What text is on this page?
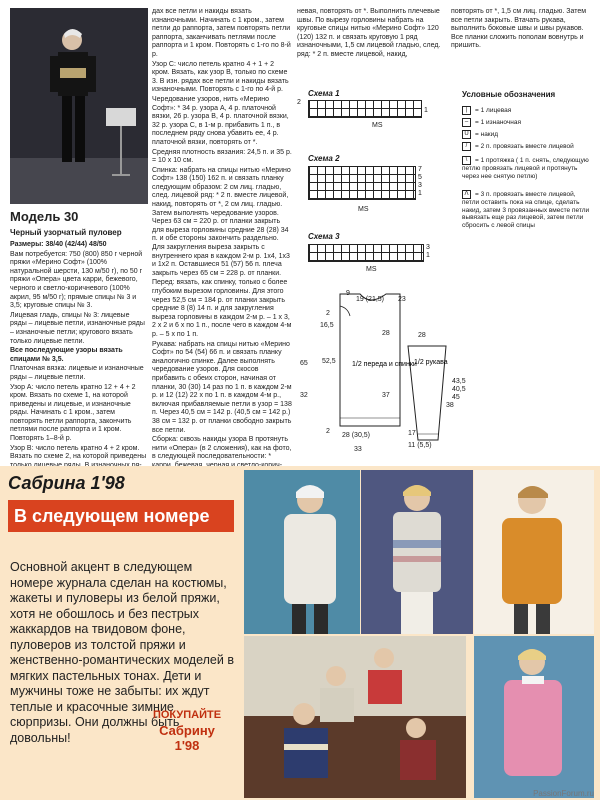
Модель 30
Черный узорчатый пуловер

Размеры: 38/40 (42/44) 48/50

Вам потребуется: 750 (800) 850 г черной пряжи «Мерино Софт» (100% натуральной шерсти, 130 м/50 г), по 50 г пряжи «Опера» цвета карри, бежевого, черного и светло-коричневого (100% акрил, 95 м/50 г); прямые спицы № 3 и 3,5; круговые спицы № 3.

Лицевая гладь, спицы № 3: лицевые ряды – лицевые петли, изнаночные ряды – изнаночные петли; кругового вязать только лицевые петли.

Все последующие узоры вязать спицами № 3,5.

Платочная вязка: лицевые и изнаночные ряды – лицевые петли.

Узор А: число петель кратно 12 + 4 + 2 кром. Вязать по схеме 1, на которой приведены и лицевые, и изнаночные ряды. Начинать с 1 кром., затем повторять петли раппорта, закончить петлями после раппорта и 1 кром. Повторять 1–8-й р.

Узор В: число петель кратно 4 + 2 кром. Вязать по схеме 2, на которой приведены

дах все петли и накиды вязать изнаночными. Начинать с 1 кром., затем петли до раппорта, затем повторять петли раппорта, заканчивать петлями после раппорта и 1 кром. Повторять с 1-го по 8-й р.

Узор С: число петель кратно 4 + 1 + 2 кром. Вязать, как узор В, только по схеме 3. В изн. рядах все петли и накиды вязать изнаночными. Повторять с 1-го по 4-й р.

Чередование узоров, нить «Мерино Софт»: * 34 р. узора А, 4 р. платочной вязки, 26 р. узора В, 4 р. платочной вязки, 32 р. узора С, в 1-м р. прибавить 1 п., в последнем ряду снова убавить ее, 4 р. платочной вязки, повторять от *.

Средняя плотность вязания: 24,5 п. и 35 р. = 10 х 10 см.

Спинка: набрать на спицы нитью «Мерино Софт» 138 (150) 162 п. и связать планку следующим образом: 2 см лиц. гладью, след. лицевой ряд: * 2 п. вместе лицевой, накид, повторять от *, 2 см лиц. гладью. Затем выполнять чередование узоров. Через 63 см = 220 р. от планки закрыть для выреза горловины средние 28 (28) 34 п. и обе стороны закончить раздельно. Для закругления выреза закрыть с внутреннего края в каждом 2-м р. 1х4, 1х3 и 1х2 п. Оставшиеся 51 (57) 56 п. плеча закрыть через 65 см = 228 р. от планки.

Перед: вязать, как спинку, только с более глубоким вырезом горловины. Для этого через 52,5 см = 184 р. от планки закрыть средние 8 (8) 14 п. и для закругления выреза горловины в каждом 2-м р. – 1 х 3, 2 х 2 и 6 х по 1 п., после чего в каждом 4-м р. – 5 х по 1 п.

Рукава: набрать на спицы нитью «Мерино Софт» по 54 (54) 66 п. и связать планку аналогично спинке. Далее выполнять чередование узоров. Для скосов прибавить с обеих сторон, начиная от планки, 30 (30) 14 раз по 1 п. в каждом 2-м р. и 12 (12) 22 х по 1 п. в каждом 4-м р., включая прибавляемые петли в узор = 138 п. Через 40,5 см = 142 р. (40,5 см = 142 р.) 38 см = 132 р. от планки свободно закрыть все петли.

Сборка: сквозь накиды узора В протянуть нити «Опера» (в 2 сложения), как на фото, в следующей последовательности: *

невая, повторять от *. Выполнить плечевые швы. По вырезу горловины набрать на круговые спицы нитью «Мерино Софт» 120 (120) 132 п. и связать круговую 1 ряд изнаночными, 1,5 см лицевой гладью, след. ряд: * 2 п. вместе лицевой, накид,

повторять от *, 1,5 см лиц. гладью. Затем все петли закрыть. Втачать рукава, выполнить боковые швы и швы рукавов. Все планки сложить пополам вовнутрь и пришить.

Схема 1
2
1
MS
Схема 2
7
5
3
1
MS
Схема 3
3
1
MS
Условные обозначения
| = 1 лицевая
– = 1 изнаночная
U = накид
/ = 2 п. провязать вместе лицевой
\ = 1 протяжка ( 1 п. снять, следующую петлю провязать лицевой и протянуть через нее снятую петлю)
Λ = 3 п. провязать вместе лицевой, петли оставить пока на спице, сделать накид, затем 3 провязанных вместе петли вывязать еще раз лицевой, затем петли сбросить с левой спицы
1/2 переда и спинки
1/2 рукава
9
19 (21,5) 23
2
16,5
28
52,5
28
32	37
65
28 (30,5)
33
2	17
11 (5,5)
38
43,5
40,5
45
Сабрина 1'98
В следующем номере
Основной акцент в следующем номере журнала сделан на костюмы, жакеты и пуловеры из белой пряжи, хотя не обошлось и без пестрых жаккардов на твидовом фоне, пуловеров из толстой пряжи и женственно-романтических моделей в мягких пастельных тонах. Дети и мужчины тоже не забыты: их ждут теплые и красочные зимние сюрпризы. Они должны быть довольны!
ПОКУПАЙТЕ
Сабрину
1'98
PassionForum.ru
